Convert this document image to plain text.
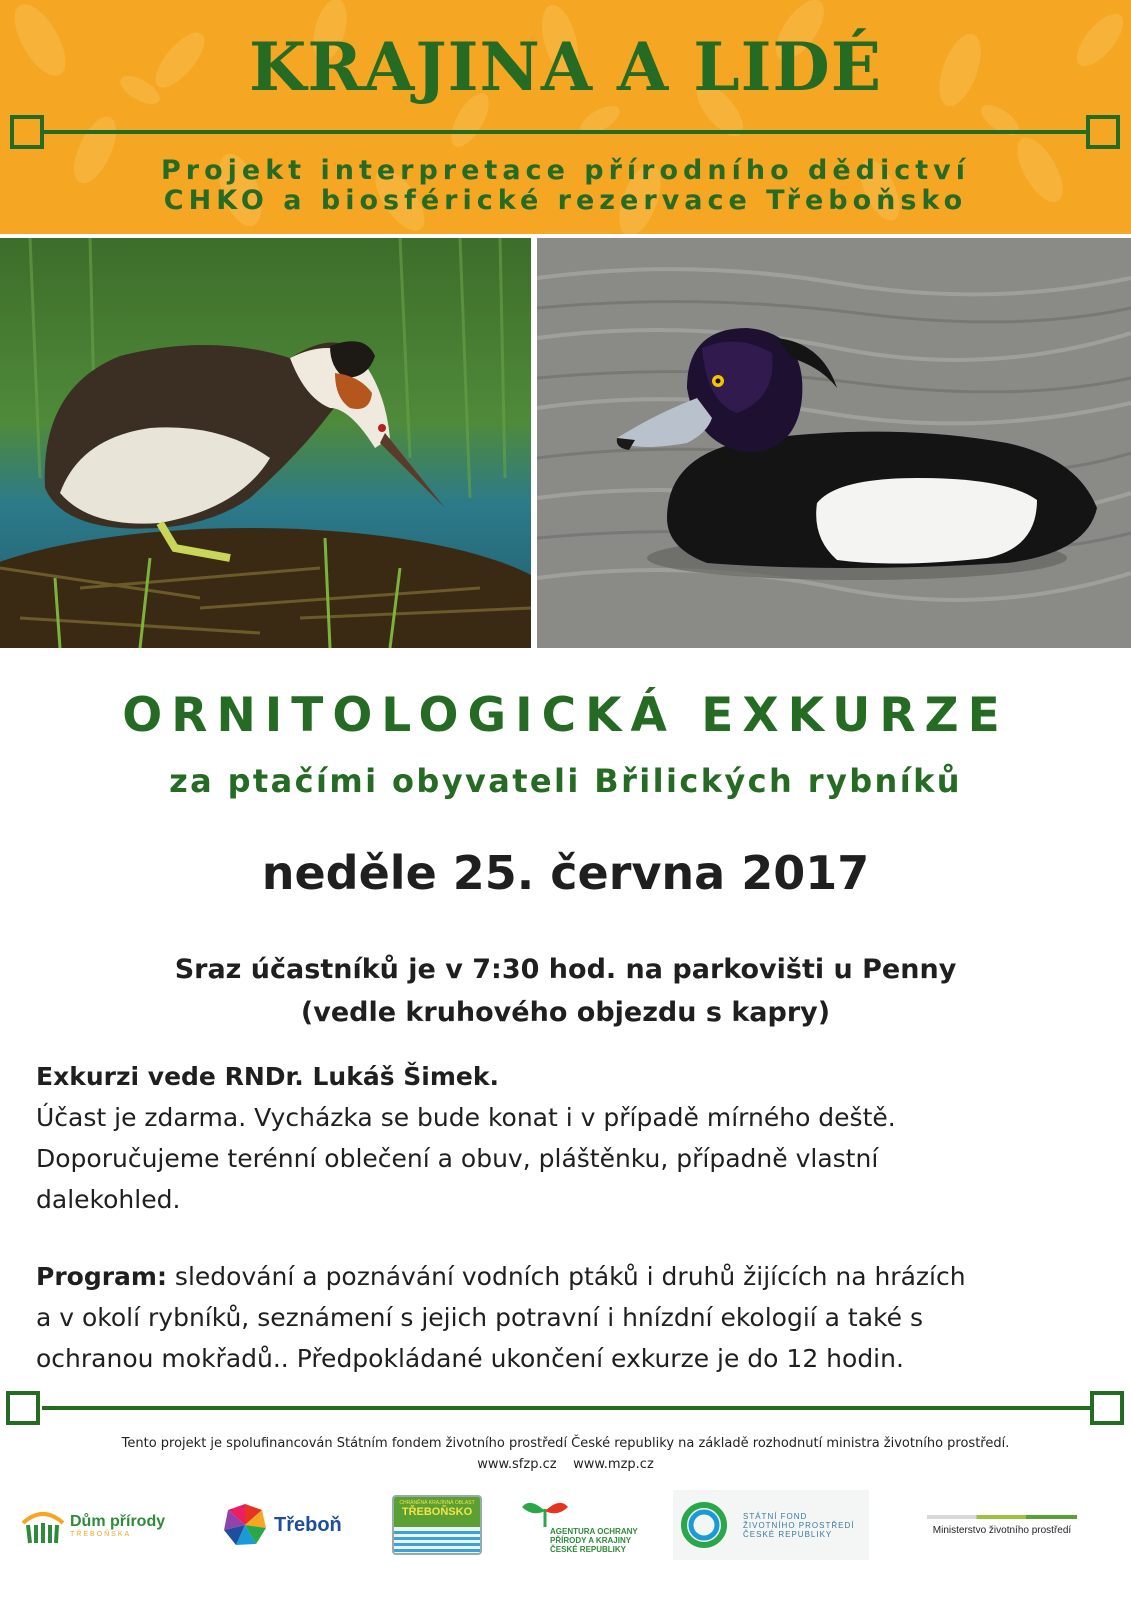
KRAJINA A LIDÉ
Projekt interpretace přírodního dědictví
CHKO a biosférické rezervace Třeboňsko
ORNITOLOGICKÁ EXKURZE
za ptačími obyvateli Břilických rybníků
neděle 25. června 2017
Sraz účastníků je v 7:30 hod. na parkovišti u Penny
(vedle kruhového objezdu s kapry)
Exkurzi vede RNDr. Lukáš Šimek.
Účast je zdarma. Vycházka se bude konat i v případě mírného deště.
Doporučujeme terénní oblečení a obuv, pláštěnku, případně vlastní
dalekohled.
Program: sledování a poznávání vodních ptáků i druhů žijících na hrázích
a v okolí rybníků, seznámení s jejich potravní i hnízdní ekologií a také s
ochranou mokřadů.. Předpokládané ukončení exkurze je do 12 hodin.
Tento projekt je spolufinancován Státním fondem životního prostředí České republiky na základě rozhodnutí ministra životního prostředí.
www.sfzp.cz    www.mzp.cz
Dům přírody
TŘEBOŇSKA	Třeboň
CHRÁNĚNÁ KRAJINNÁ OBLAST
TŘEBOŇSKO
AGENTURA OCHRANY
PŘÍRODY A KRAJINY
ČESKÉ REPUBLIKY
STÁTNÍ FOND
ŽIVOTNÍHO PROSTŘEDÍ
ČESKÉ REPUBLIKY	Ministerstvo životního prostředí
